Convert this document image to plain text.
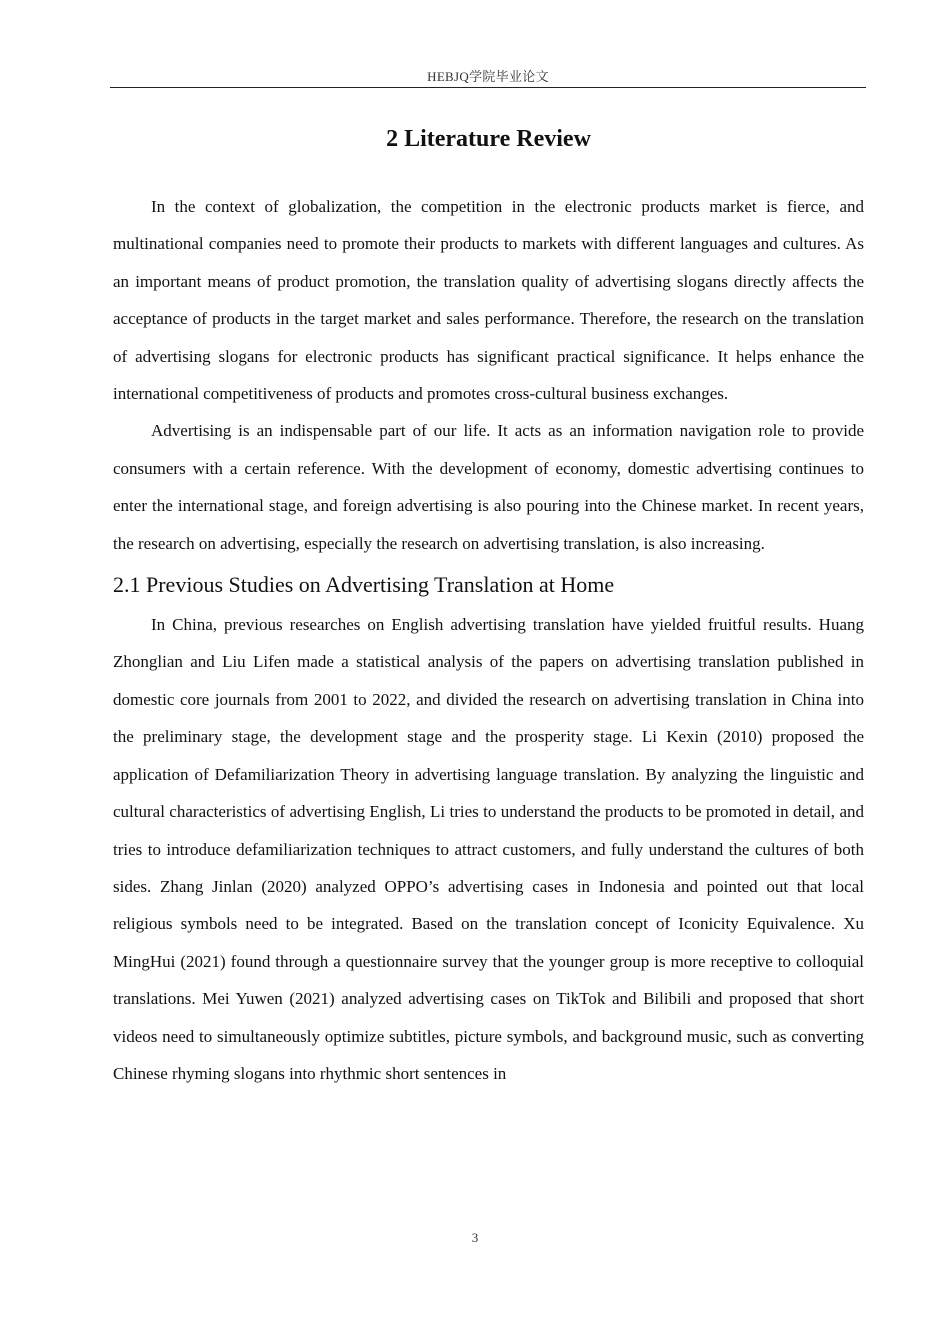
HEBJQ学院毕业论文
2 Literature Review

In the context of globalization, the competition in the electronic products market is fierce, and multinational companies need to promote their products to markets with different languages and cultures. As an important means of product promotion, the translation quality of advertising slogans directly affects the acceptance of products in the target market and sales performance. Therefore, the research on the translation of advertising slogans for electronic products has significant practical significance. It helps enhance the international competitiveness of products and promotes cross-cultural business exchanges.

Advertising is an indispensable part of our life. It acts as an information navigation role to provide consumers with a certain reference. With the development of economy, domestic advertising continues to enter the international stage, and foreign advertising is also pouring into the Chinese market. In recent years, the research on advertising, especially the research on advertising translation, is also increasing.

2.1 Previous Studies on Advertising Translation at Home

In China, previous researches on English advertising translation have yielded fruitful results. Huang Zhonglian and Liu Lifen made a statistical analysis of the papers on advertising translation published in domestic core journals from 2001 to 2022, and divided the research on advertising translation in China into the preliminary stage, the development stage and the prosperity stage. Li Kexin (2010) proposed the application of Defamiliarization Theory in advertising language translation. By analyzing the linguistic and cultural characteristics of advertising English, Li tries to understand the products to be promoted in detail, and tries to introduce defamiliarization techniques to attract customers, and fully understand the cultures of both sides. Zhang Jinlan (2020) analyzed OPPO’s advertising cases in Indonesia and pointed out that local religious symbols need to be integrated. Based on the translation concept of Iconicity Equivalence. Xu MingHui (2021) found through a questionnaire survey that the younger group is more receptive to colloquial translations. Mei Yuwen (2021) analyzed advertising cases on TikTok and Bilibili and proposed that short videos need to simultaneously optimize subtitles, picture symbols, and background music, such as converting Chinese rhyming slogans into rhythmic short sentences in

3
